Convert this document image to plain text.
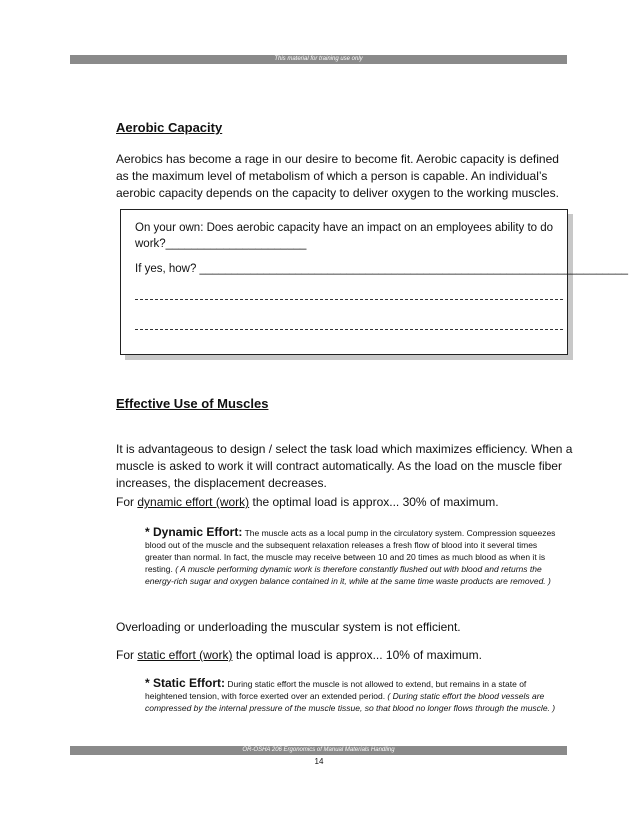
This material for training use only
Aerobic Capacity
Aerobics has become a rage in our desire to become fit. Aerobic capacity is defined
as the maximum level of metabolism of which a person is capable. An individual’s
aerobic capacity depends on the capacity to deliver oxygen to the working muscles.

On your own: Does aerobic capacity have an impact on an employees ability to do work?______________________

If yes, how? ___________________________________________________________________

Effective Use of Muscles
It is advantageous to design / select the task load which maximizes efficiency. When a
muscle is asked to work it will contract automatically. As the load on the muscle fiber
increases, the displacement decreases.
For dynamic effort (work) the optimal load is approx... 30% of maximum.

* Dynamic Effort: The muscle acts as a local pump in the circulatory system. Compression squeezes blood out of the muscle and the subsequent relaxation releases a fresh flow of blood into it several times greater than normal. In fact, the muscle may receive between 10 and 20 times as much blood as when it is resting. ( A muscle performing dynamic work is therefore constantly flushed out with blood and returns the energy-rich sugar and oxygen balance contained in it, while at the same time waste products are removed. )

Overloading or underloading the muscular system is not efficient.
For static effort (work) the optimal load is approx... 10% of maximum.

* Static Effort: During static effort the muscle is not allowed to extend, but remains in a state of heightened tension, with force exerted over an extended period. ( During static effort the blood vessels are compressed by the internal pressure of the muscle tissue, so that blood no longer flows through the muscle. )

OR-OSHA 206 Ergonomics of Manual Materials Handling
14
